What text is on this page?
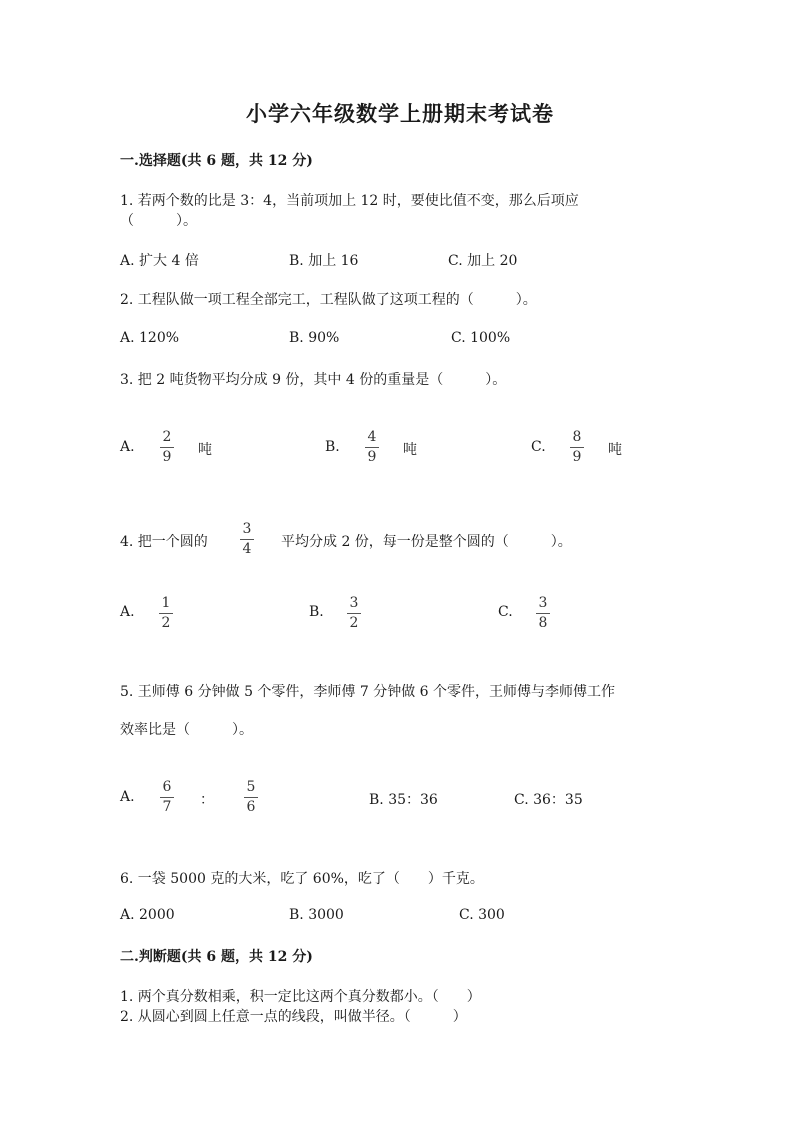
小学六年级数学上册期末考试卷
一.选择题(共 6 题，共 12 分)
1. 若两个数的比是 3：4，当前项加上 12 时，要使比值不变，那么后项应
（　　　）。
A. 扩大 4 倍	B. 加上 16	C. 加上 20
2. 工程队做一项工程全部完工，工程队做了这项工程的（　　　）。
A. 120%	B. 90%	C. 100%
3. 把 2 吨货物平均分成 9 份，其中 4 份的重量是（　　　）。
A.
2
9 吨	B.
4
9 吨	C.
8
9 吨
4. 把一个圆的
3
4 平均分成 2 份，每一份是整个圆的（　　　）。
A.
1
2
B.
3
2
C.
3
8
5. 王师傅 6 分钟做 5 个零件，李师傅 7 分钟做 6 个零件，王师傅与李师傅工作
效率比是（　　　）。
A.
6
7 ：
5
6	B. 35：36	C. 36：35
6. 一袋 5000 克的大米，吃了 60%，吃了（　　）千克。
A. 2000	B. 3000	C. 300
二.判断题(共 6 题，共 12 分)
1. 两个真分数相乘，积一定比这两个真分数都小。（　　）
2. 从圆心到圆上任意一点的线段，叫做半径。（　　　）
